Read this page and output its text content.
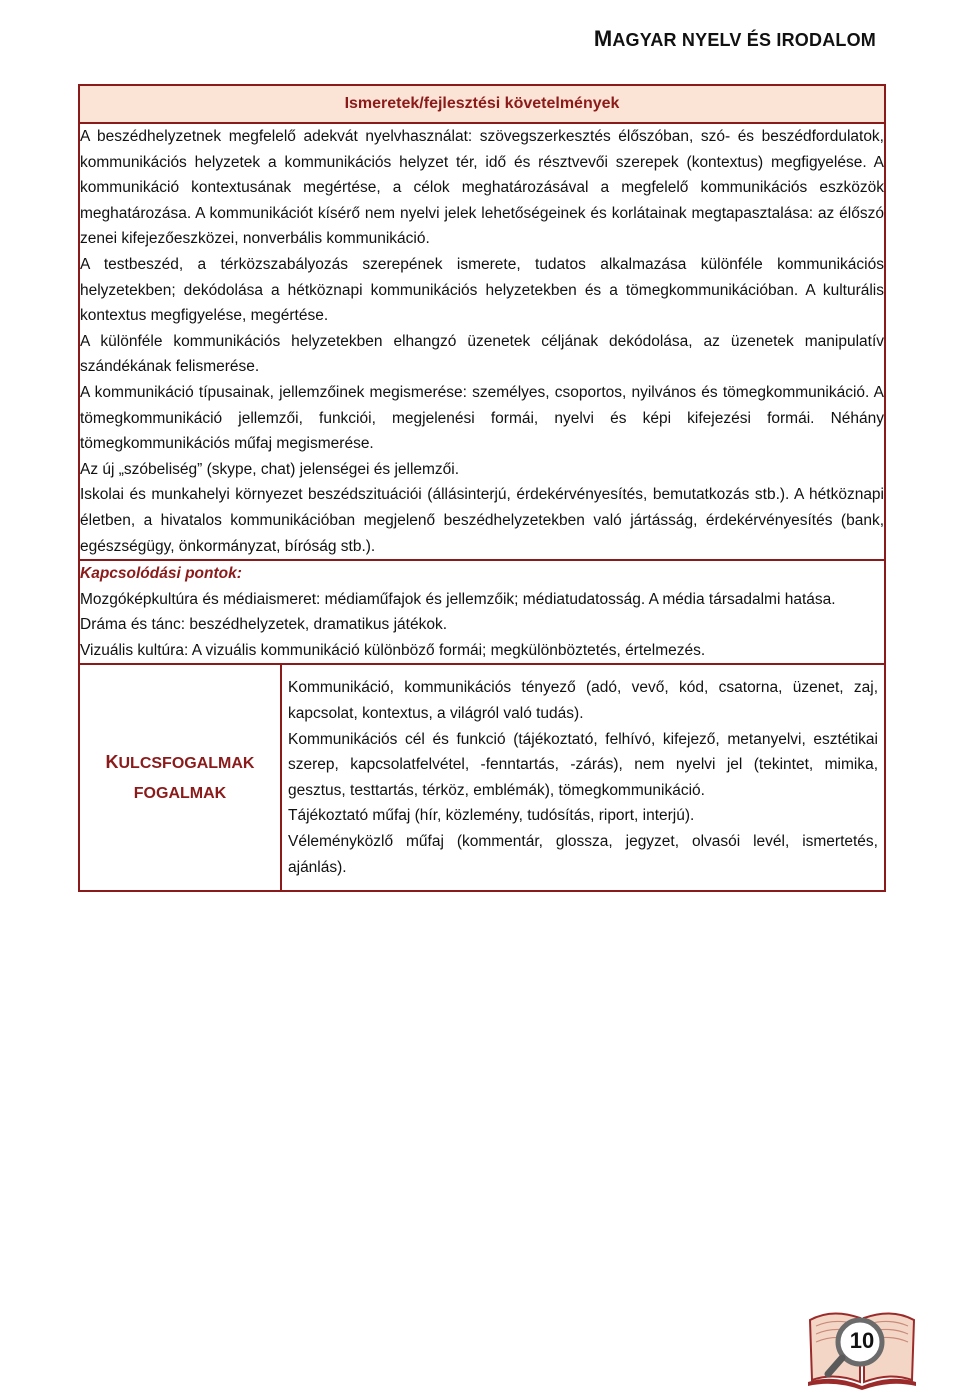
MAGYAR NYELV ÉS IRODALOM
Ismeretek/fejlesztési követelmények

A beszédhelyzetnek megfelelő adekvát nyelvhasználat: szövegszerkesztés élőszóban, szó- és beszédfordulatok, kommunikációs helyzetek a kommunikációs helyzet tér, idő és résztvevői szerepek (kontextus) megfigyelése. A kommunikáció kontextusának megértése, a célok meghatározásával a megfelelő kommunikációs eszközök meghatározása. A kommunikációt kísérő nem nyelvi jelek lehetőségeinek és korlátainak megtapasztalása: az élőszó zenei kifejezőeszközei, nonverbális kommunikáció.

A testbeszéd, a térközszabályozás szerepének ismerete, tudatos alkalmazása különféle kommunikációs helyzetekben; dekódolása a hétköznapi kommunikációs helyzetekben és a tömegkommunikációban. A kulturális kontextus megfigyelése, megértése.

A különféle kommunikációs helyzetekben elhangzó üzenetek céljának dekódolása, az üzenetek manipulatív szándékának felismerése.

A kommunikáció típusainak, jellemzőinek megismerése: személyes, csoportos, nyilvános és tömegkommunikáció. A tömegkommunikáció jellemzői, funkciói, megjelenési formái, nyelvi és képi kifejezési formái. Néhány tömegkommunikációs műfaj megismerése.

Az új „szóbeliség” (skype, chat) jelenségei és jellemzői.

Iskolai és munkahelyi környezet beszédszituációi (állásinterjú, érdekérvényesítés, bemutatkozás stb.). A hétköznapi életben, a hivatalos kommunikációban megjelenő beszédhelyzetekben való jártásság, érdekérvényesítés (bank, egészségügy, önkormányzat, bíróság stb.).

Kapcsolódási pontok:

Mozgóképkultúra és médiaismeret: médiaműfajok és jellemzőik; médiatudatosság. A média társadalmi hatása.

Dráma és tánc: beszédhelyzetek, dramatikus játékok.

Vizuális kultúra: A vizuális kommunikáció különböző formái; megkülönböztetés, értelmezés.

KULCSFOGALMAK
FOGALMAK

Kommunikáció, kommunikációs tényező (adó, vevő, kód, csatorna, üzenet, zaj, kapcsolat, kontextus, a világról való tudás).

Kommunikációs cél és funkció (tájékoztató, felhívó, kifejező, metanyelvi, esztétikai szerep, kapcsolatfelvétel, -fenntartás, -zárás), nem nyelvi jel (tekintet, mimika, gesztus, testtartás, térköz, emblémák), tömegkommunikáció.

Tájékoztató műfaj (hír, közlemény, tudósítás, riport, interjú).

Véleményközlő műfaj (kommentár, glossza, jegyzet, olvasói levél, ismertetés, ajánlás).

10
